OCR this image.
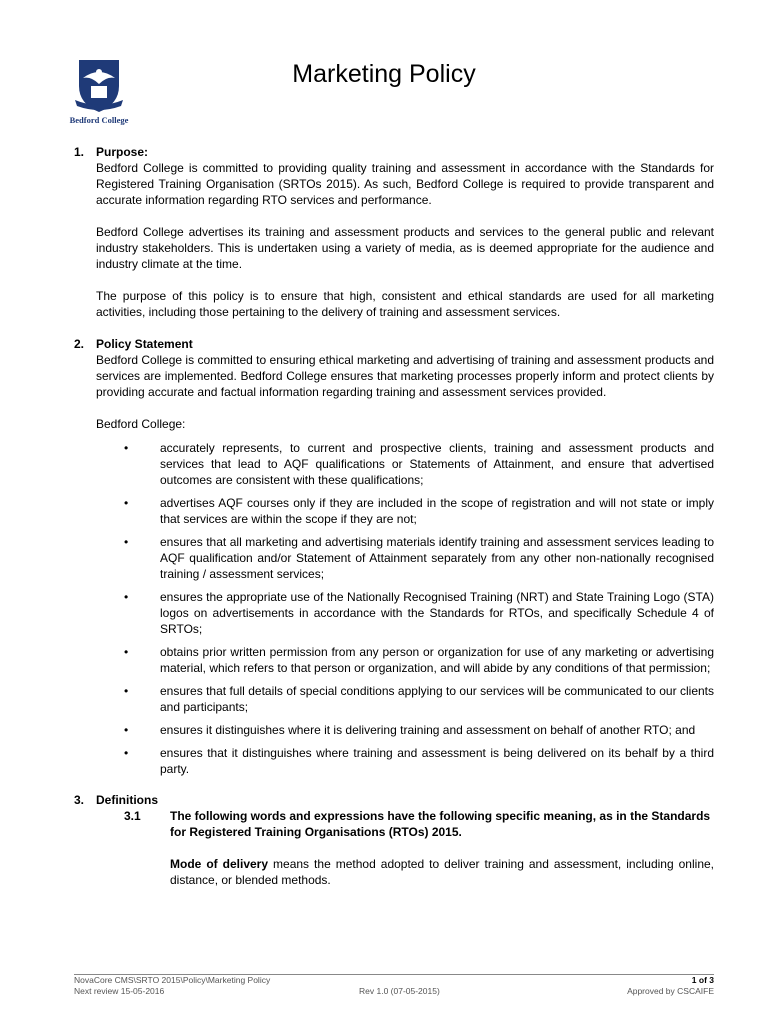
Bedford College
Marketing Policy
1. Purpose:

Bedford College is committed to providing quality training and assessment in accordance with the Standards for Registered Training Organisation (SRTOs 2015). As such, Bedford College is required to provide transparent and accurate information regarding RTO services and performance.

Bedford College advertises its training and assessment products and services to the general public and relevant industry stakeholders. This is undertaken using a variety of media, as is deemed appropriate for the audience and industry climate at the time.

The purpose of this policy is to ensure that high, consistent and ethical standards are used for all marketing activities, including those pertaining to the delivery of training and assessment services.

2. Policy Statement

Bedford College is committed to ensuring ethical marketing and advertising of training and assessment products and services are implemented. Bedford College ensures that marketing processes properly inform and protect clients by providing accurate and factual information regarding training and assessment services provided.

Bedford College:

•	accurately represents, to current and prospective clients, training and assessment products and services that lead to AQF qualifications or Statements of Attainment, and ensure that advertised outcomes are consistent with these qualifications;
•	advertises AQF courses only if they are included in the scope of registration and will not state or imply that services are within the scope if they are not;
•	ensures that all marketing and advertising materials identify training and assessment services leading to AQF qualification and/or Statement of Attainment separately from any other non-nationally recognised training / assessment services;
•	ensures the appropriate use of the Nationally Recognised Training (NRT) and State Training Logo (STA) logos on advertisements in accordance with the Standards for RTOs, and specifically Schedule 4 of SRTOs;
•	obtains prior written permission from any person or organization for use of any marketing or advertising material, which refers to that person or organization, and will abide by any conditions of that permission;
•	ensures that full details of special conditions applying to our services will be communicated to our clients and participants;
•	ensures it distinguishes where it is delivering training and assessment on behalf of another RTO; and
•	ensures that it distinguishes where training and assessment is being delivered on its behalf by a third party.
3. Definitions
3.1	The following words and expressions have the following specific meaning, as in the Standards for Registered Training Organisations (RTOs) 2015.

Mode of delivery means the method adopted to deliver training and assessment, including online, distance, or blended methods.

NovaCore CMS\SRTO 2015\Policy\Marketing Policy	1 of 3
Next review 15-05-2016	Rev 1.0 (07-05-2015)	Approved by CSCAIFE
